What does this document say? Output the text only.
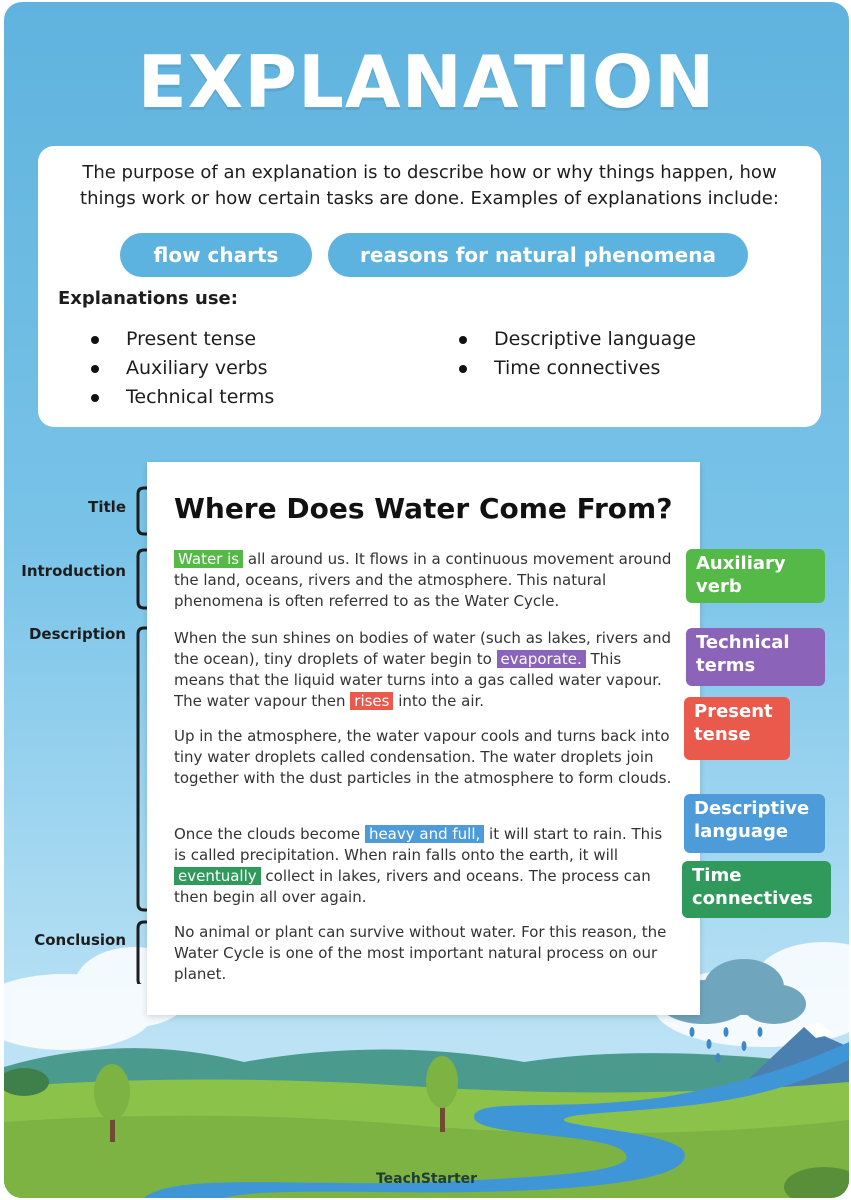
EXPLANATION

The purpose of an explanation is to describe how or why things happen, how things work or how certain tasks are done. Examples of explanations include:

flow charts	reasons for natural phenomena
Explanations use:
Present tense
Auxiliary verbs
Technical terms
Descriptive language
Time connectives
Title
Introduction
Description
Conclusion
Where Does Water Come From?

Water is all around us. It flows in a continuous movement around the land, oceans, rivers and the atmosphere. This natural phenomena is often referred to as the Water Cycle.

When the sun shines on bodies of water (such as lakes, rivers and the ocean), tiny droplets of water begin to evaporate. This means that the liquid water turns into a gas called water vapour. The water vapour then rises into the air.

Up in the atmosphere, the water vapour cools and turns back into tiny water droplets called condensation. The water droplets join together with the dust particles in the atmosphere to form clouds.

Once the clouds become heavy and full, it will start to rain. This is called precipitation. When rain falls onto the earth, it will eventually collect in lakes, rivers and oceans. The process can then begin all over again.

No animal or plant can survive without water. For this reason, the Water Cycle is one of the most important natural process on our planet.

Auxiliary verb
Technical terms
Present tense
Descriptive language
Time connectives
TeachStarter
